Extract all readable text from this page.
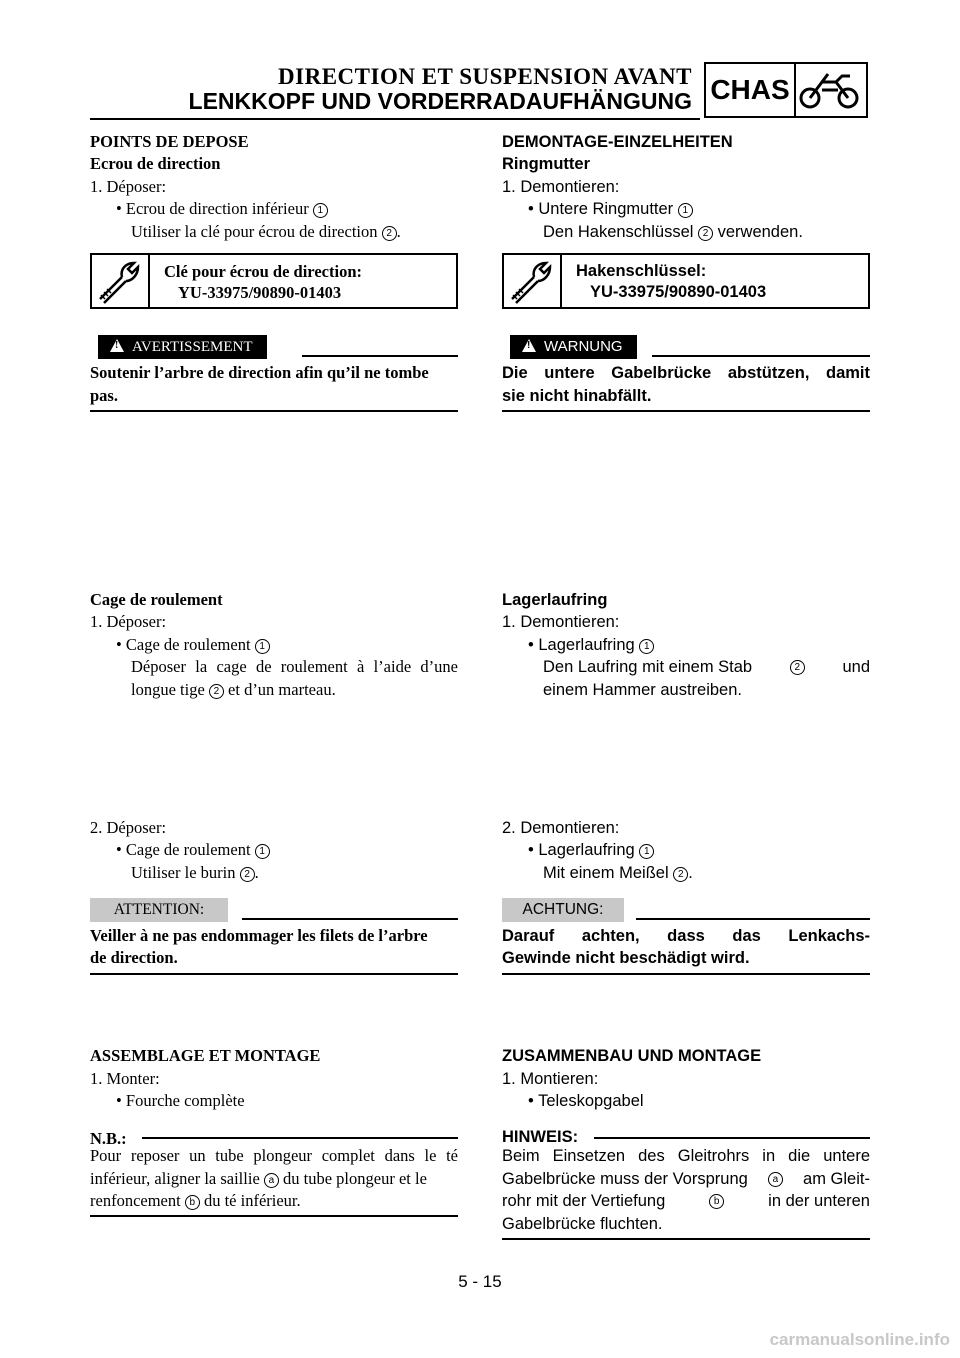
DIRECTION ET SUSPENSION AVANT
LENKKOPF UND VORDERRADAUFHÄNGUNG CHAS
POINTS DE DEPOSE
Ecrou de direction
1. Déposer:
• Ecrou de direction inférieur 1
Utiliser la clé pour écrou de direction 2 .
Clé pour écrou de direction:
YU-33975/90890-01403
!AVERTISSEMENT
Soutenir l’arbre de direction afin qu’il ne tombe
pas.
Cage de roulement
1. Déposer:
• Cage de roulement 1
Déposer la cage de roulement à l’aide d’une
longue tige 2 et d’un marteau.
2. Déposer:
• Cage de roulement 1
Utiliser le burin 2 .
ATTENTION:
Veiller à ne pas endommager les filets de l’arbre
de direction.
ASSEMBLAGE ET MONTAGE
1. Monter:
• Fourche complète
N.B.:
Pour reposer un tube plongeur complet dans le té
inférieur, aligner la saillie a du tube plongeur et le
renfoncement b du té inférieur.
DEMONTAGE-EINZELHEITEN
Ringmutter
1. Demontieren:
• Untere Ringmutter 1
Den Hakenschlüssel 2 verwenden.
Hakenschlüssel:
YU-33975/90890-01403
!WARNUNG
Die untere Gabelbrücke abstützen, damit
sie nicht hinabfällt.
Lagerlaufring
1. Demontieren:
• Lagerlaufring 1
Den Laufring mit einem Stab	2	und
einem Hammer austreiben.
2. Demontieren:
• Lagerlaufring 1
Mit einem Meißel 2 .
ACHTUNG:
Darauf achten, dass das Lenkachs-
Gewinde nicht beschädigt wird.
ZUSAMMENBAU UND MONTAGE
1. Montieren:
• Teleskopgabel
HINWEIS:
Beim Einsetzen des Gleitrohrs in die untere
Gabelbrücke muss der Vorsprung	a am Gleit-
rohr mit der Vertiefung	b	in der unteren
Gabelbrücke fluchten.
5 - 15
carmanualsonline.info
